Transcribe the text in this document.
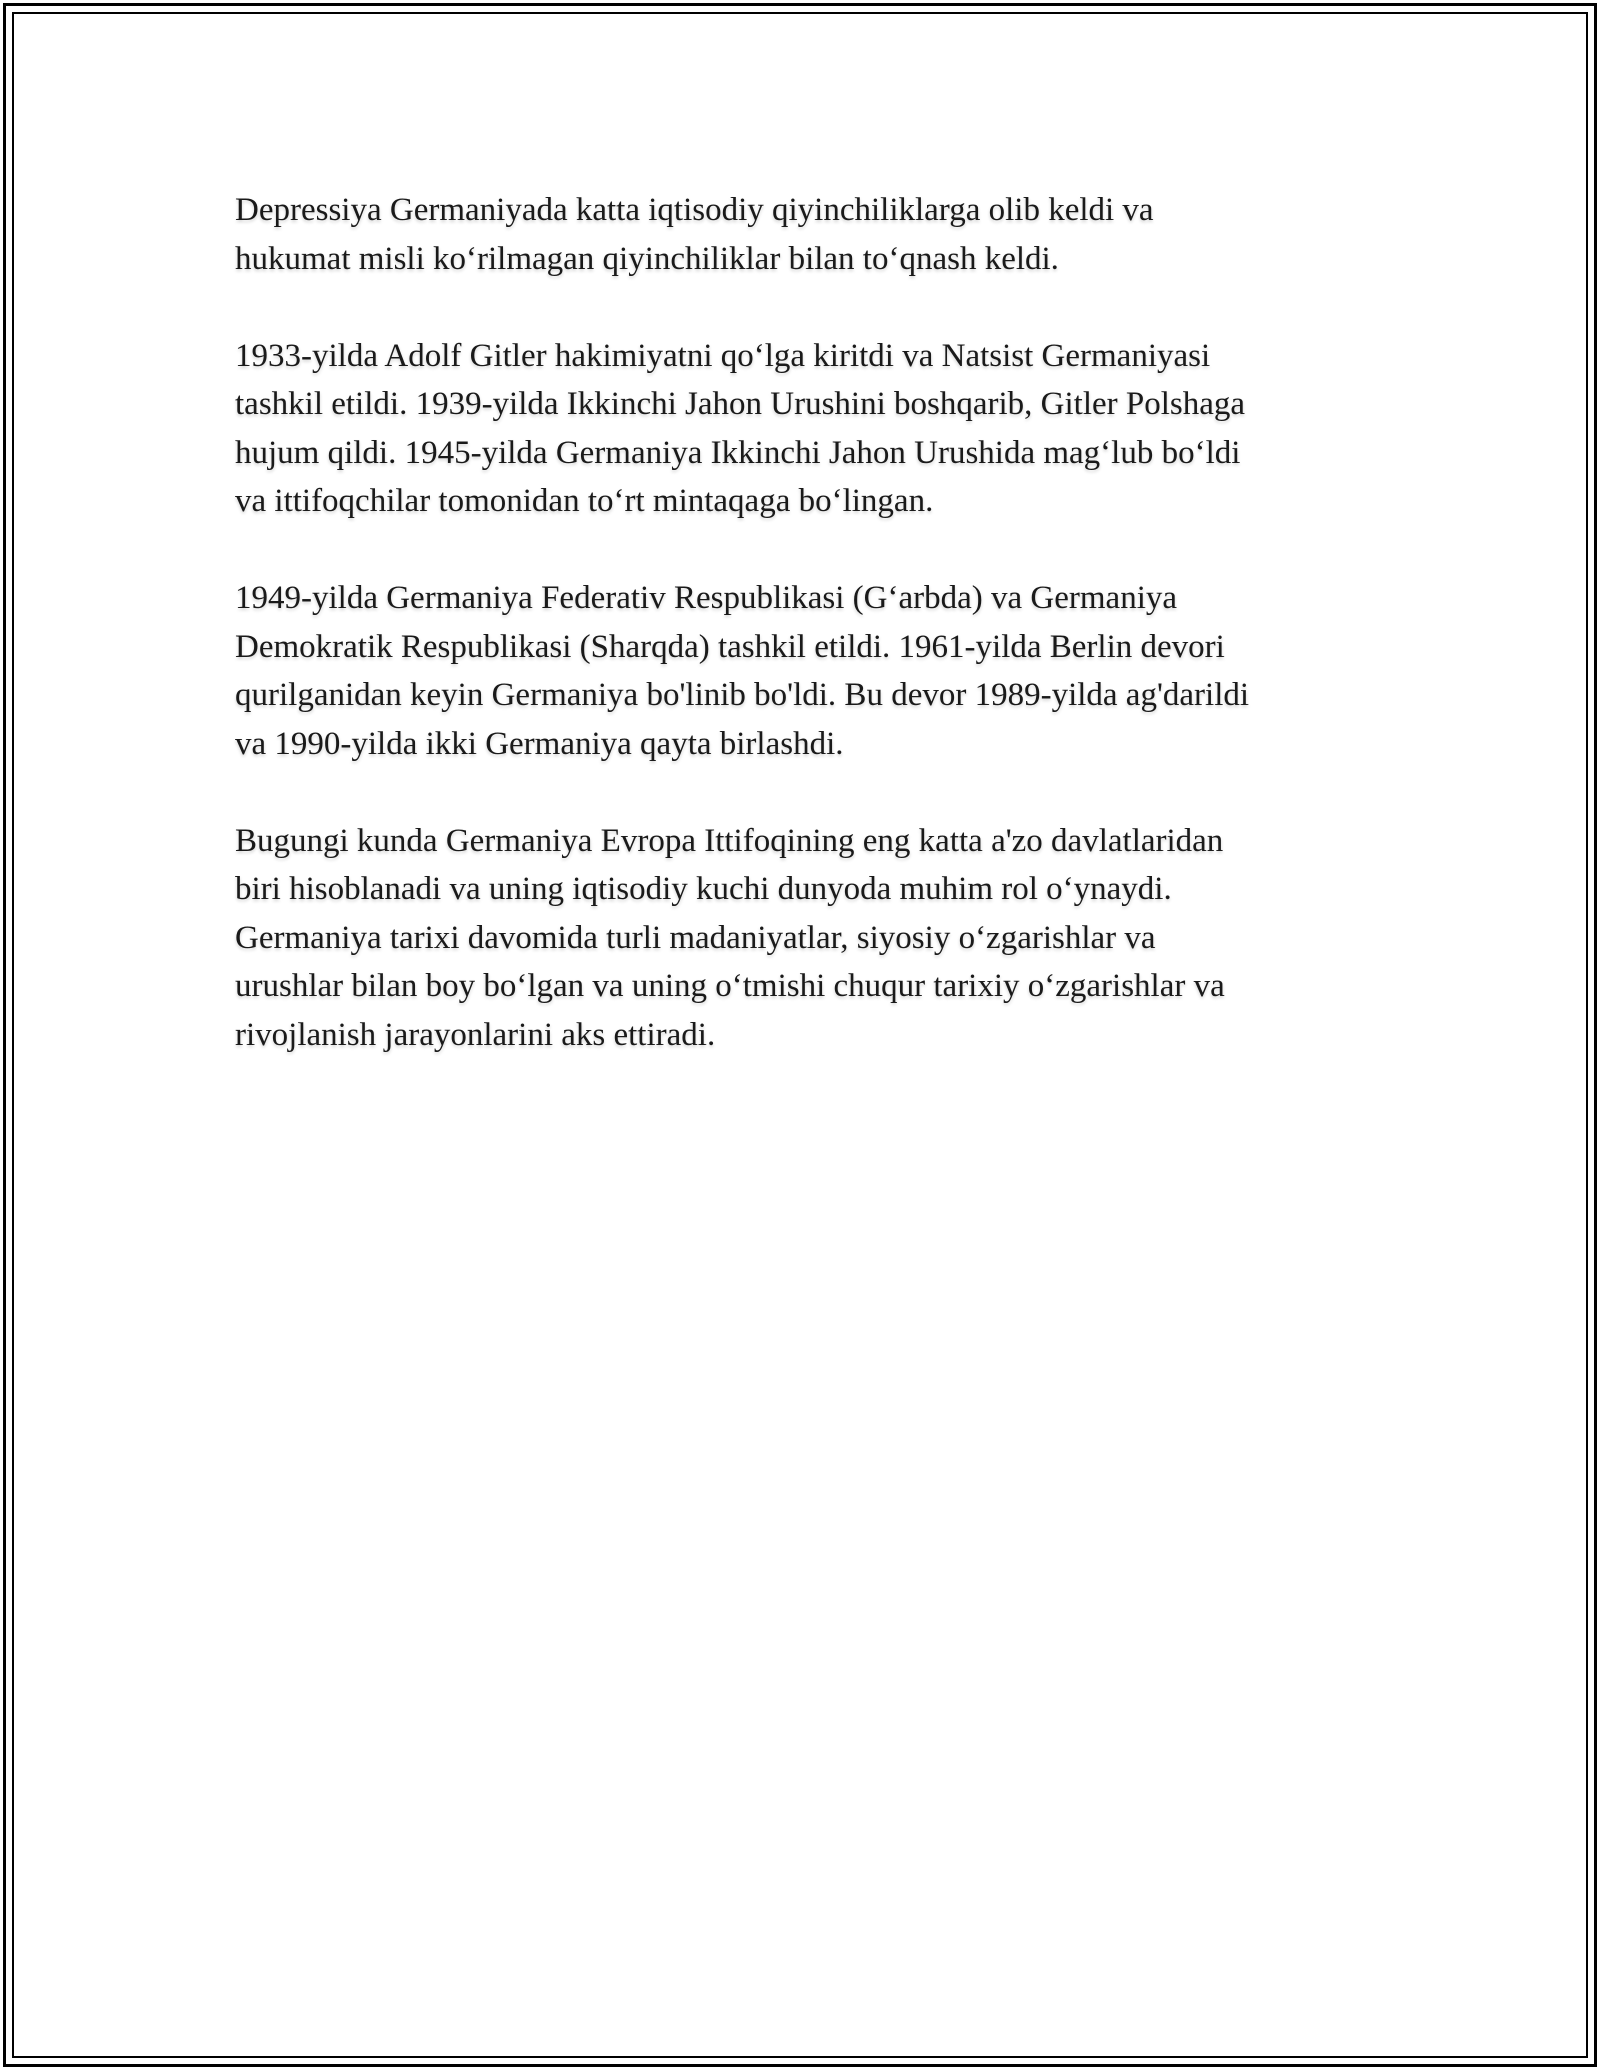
Depressiya Germaniyada katta iqtisodiy qiyinchiliklarga olib keldi va
hukumat misli koʻrilmagan qiyinchiliklar bilan toʻqnash keldi.

1933-yilda Adolf Gitler hakimiyatni qoʻlga kiritdi va Natsist Germaniyasi
tashkil etildi. 1939-yilda Ikkinchi Jahon Urushini boshqarib, Gitler Polshaga
hujum qildi. 1945-yilda Germaniya Ikkinchi Jahon Urushida magʻlub boʻldi
va ittifoqchilar tomonidan toʻrt mintaqaga boʻlingan.

1949-yilda Germaniya Federativ Respublikasi (Gʻarbda) va Germaniya
Demokratik Respublikasi (Sharqda) tashkil etildi. 1961-yilda Berlin devori
qurilganidan keyin Germaniya bo'linib bo'ldi. Bu devor 1989-yilda ag'darildi
va 1990-yilda ikki Germaniya qayta birlashdi.

Bugungi kunda Germaniya Evropa Ittifoqining eng katta a'zo davlatlaridan
biri hisoblanadi va uning iqtisodiy kuchi dunyoda muhim rol oʻynaydi.
Germaniya tarixi davomida turli madaniyatlar, siyosiy oʻzgarishlar va
urushlar bilan boy boʻlgan va uning oʻtmishi chuqur tarixiy oʻzgarishlar va
rivojlanish jarayonlarini aks ettiradi.
